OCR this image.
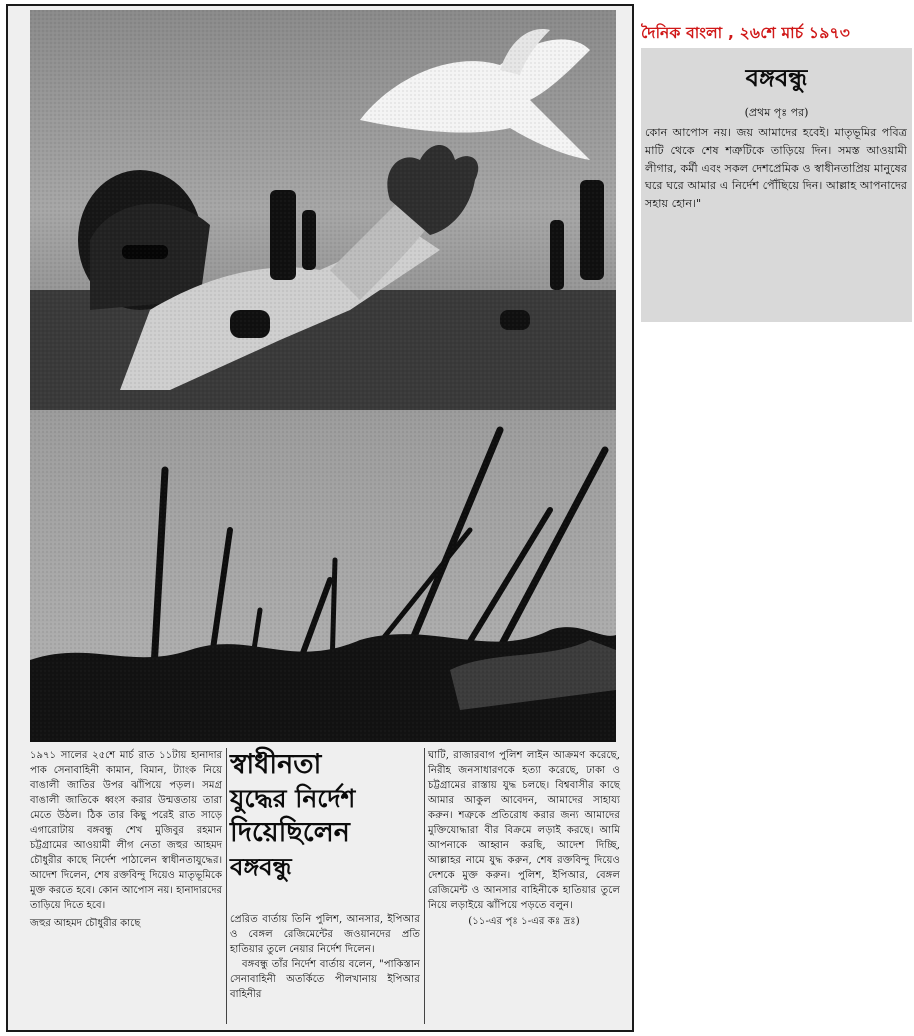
১৯৭১ সালের ২৫শে মার্চ রাত ১১টায় হানাদার পাক সেনাবাহিনী কামান, বিমান, ট্যাংক নিয়ে বাঙালী জাতির উপর ঝাঁপিয়ে পড়ল। সমগ্র বাঙালী জাতিকে ধ্বংস করার উন্মত্ততায় তারা মেতে উঠল। ঠিক তার কিছু পরেই রাত সাড়ে এগারোটায় বঙ্গবন্ধু শেখ মুজিবুর রহমান চট্টগ্রামের আওয়ামী লীগ নেতা জহুর আহমদ চৌধুরীর কাছে নির্দেশ পাঠালেন স্বাধীনতাযুদ্ধের। আদেশ দিলেন, শেষ রক্তবিন্দু দিয়েও মাতৃভূমিকে মুক্ত করতে হবে। কোন আপোস নয়। হানাদারদের তাড়িয়ে দিতে হবে।

জহুর আহমদ চৌধুরীর কাছে

স্বাধীনতা
যুদ্ধের নির্দেশ
দিয়েছিলেন
বঙ্গবন্ধু

প্রেরিত বার্তায় তিনি পুলিশ, আনসার, ইপিআর ও বেঙ্গল রেজিমেন্টের জওয়ানদের প্রতি হাতিয়ার তুলে নেয়ার নির্দেশ দিলেন।

বঙ্গবন্ধু তাঁর নির্দেশ বার্তায় বলেন, "পাকিস্তান সেনাবাহিনী অতর্কিতে পীলখানায় ইপিআর বাহিনীর

ঘাটি, রাজারবাগ পুলিশ লাইন আক্রমণ করেছে, নিরীহ জনসাধারণকে হত্যা করেছে, ঢাকা ও চট্টগ্রামের রাস্তায় যুদ্ধ চলছে। বিশ্ববাসীর কাছে আমার আকুল আবেদন, আমাদের সাহায্য করুন। শত্রুকে প্রতিরোধ করার জন্য আমাদের মুক্তিযোদ্ধারা বীর বিক্রমে লড়াই করছে। আমি আপনাকে আহ্বান করছি, আদেশ দিচ্ছি, আল্লাহর নামে যুদ্ধ করুন, শেষ রক্তবিন্দু দিয়েও দেশকে মুক্ত করুন। পুলিশ, ইপিআর, বেঙ্গল রেজিমেন্ট ও আনসার বাহিনীকে হাতিয়ার তুলে নিয়ে লড়াইয়ে ঝাঁপিয়ে পড়তে বলুন।

(১১-এর পৃঃ ১-এর কঃ দ্রঃ)

দৈনিক বাংলা , ২৬শে মার্চ ১৯৭৩
বঙ্গবন্ধু
(প্রথম পৃঃ পর)

কোন আপোস নয়। জয় আমাদের হবেই। মাতৃভূমির পবিত্র মাটি থেকে শেষ শত্রুটিকে তাড়িয়ে দিন। সমস্ত আওয়ামী লীগার, কর্মী এবং সকল দেশপ্রেমিক ও স্বাধীনতাপ্রিয় মানুষের ঘরে ঘরে আমার এ নির্দেশ পৌঁছিয়ে দিন। আল্লাহ আপনাদের সহায় হোন।"
